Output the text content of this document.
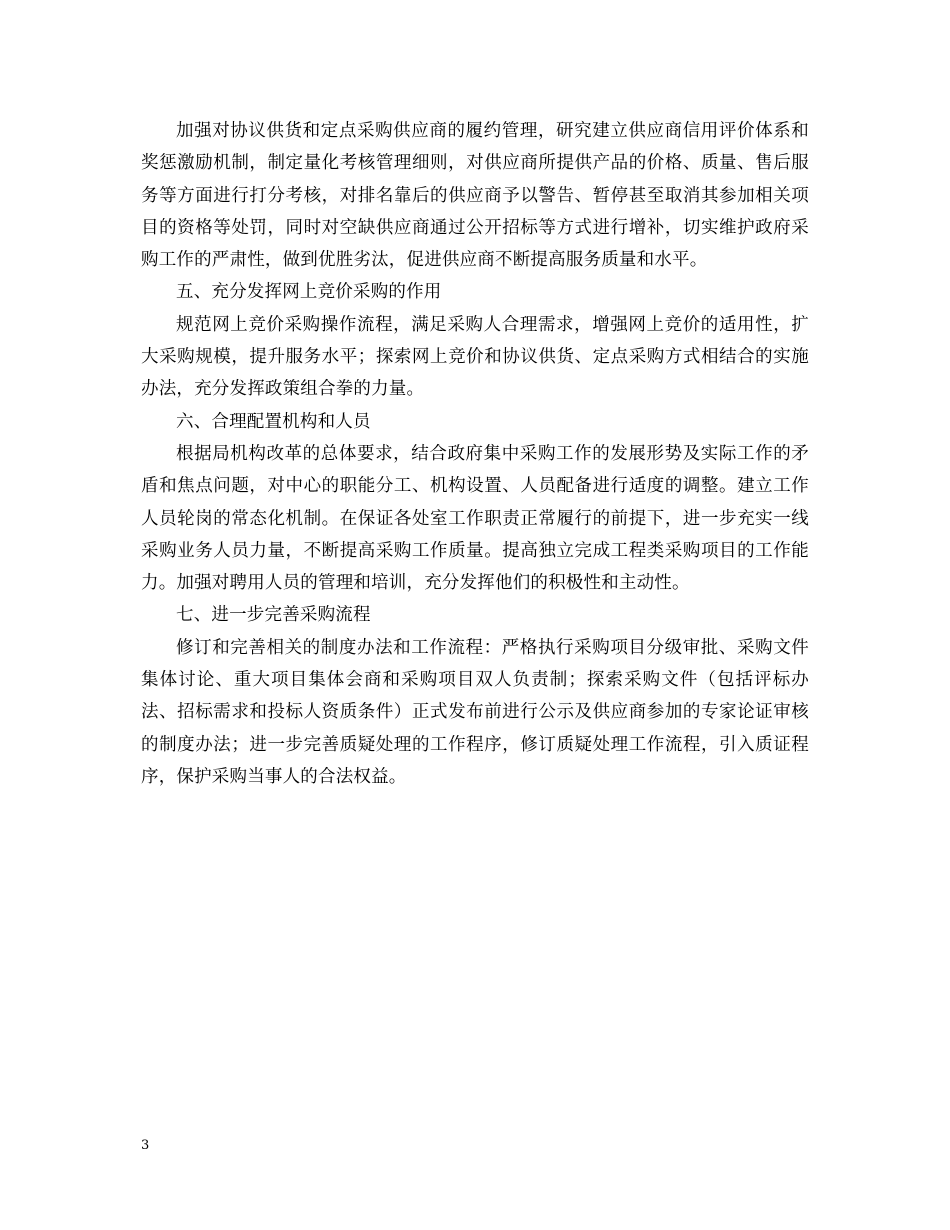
加强对协议供货和定点采购供应商的履约管理，研究建立供应商信用评价体系和奖惩激励机制，制定量化考核管理细则，对供应商所提供产品的价格、质量、售后服务等方面进行打分考核，对排名靠后的供应商予以警告、暂停甚至取消其参加相关项目的资格等处罚，同时对空缺供应商通过公开招标等方式进行增补，切实维护政府采购工作的严肃性，做到优胜劣汰，促进供应商不断提高服务质量和水平。

五、充分发挥网上竞价采购的作用

规范网上竞价采购操作流程，满足采购人合理需求，增强网上竞价的适用性，扩大采购规模，提升服务水平；探索网上竞价和协议供货、定点采购方式相结合的实施办法，充分发挥政策组合拳的力量。

六、合理配置机构和人员

根据局机构改革的总体要求，结合政府集中采购工作的发展形势及实际工作的矛盾和焦点问题，对中心的职能分工、机构设置、人员配备进行适度的调整。建立工作人员轮岗的常态化机制。在保证各处室工作职责正常履行的前提下，进一步充实一线采购业务人员力量，不断提高采购工作质量。提高独立完成工程类采购项目的工作能力。加强对聘用人员的管理和培训，充分发挥他们的积极性和主动性。

七、进一步完善采购流程

修订和完善相关的制度办法和工作流程：严格执行采购项目分级审批、采购文件集体讨论、重大项目集体会商和采购项目双人负责制；探索采购文件（包括评标办法、招标需求和投标人资质条件）正式发布前进行公示及供应商参加的专家论证审核的制度办法；进一步完善质疑处理的工作程序，修订质疑处理工作流程，引入质证程序，保护采购当事人的合法权益。

3
